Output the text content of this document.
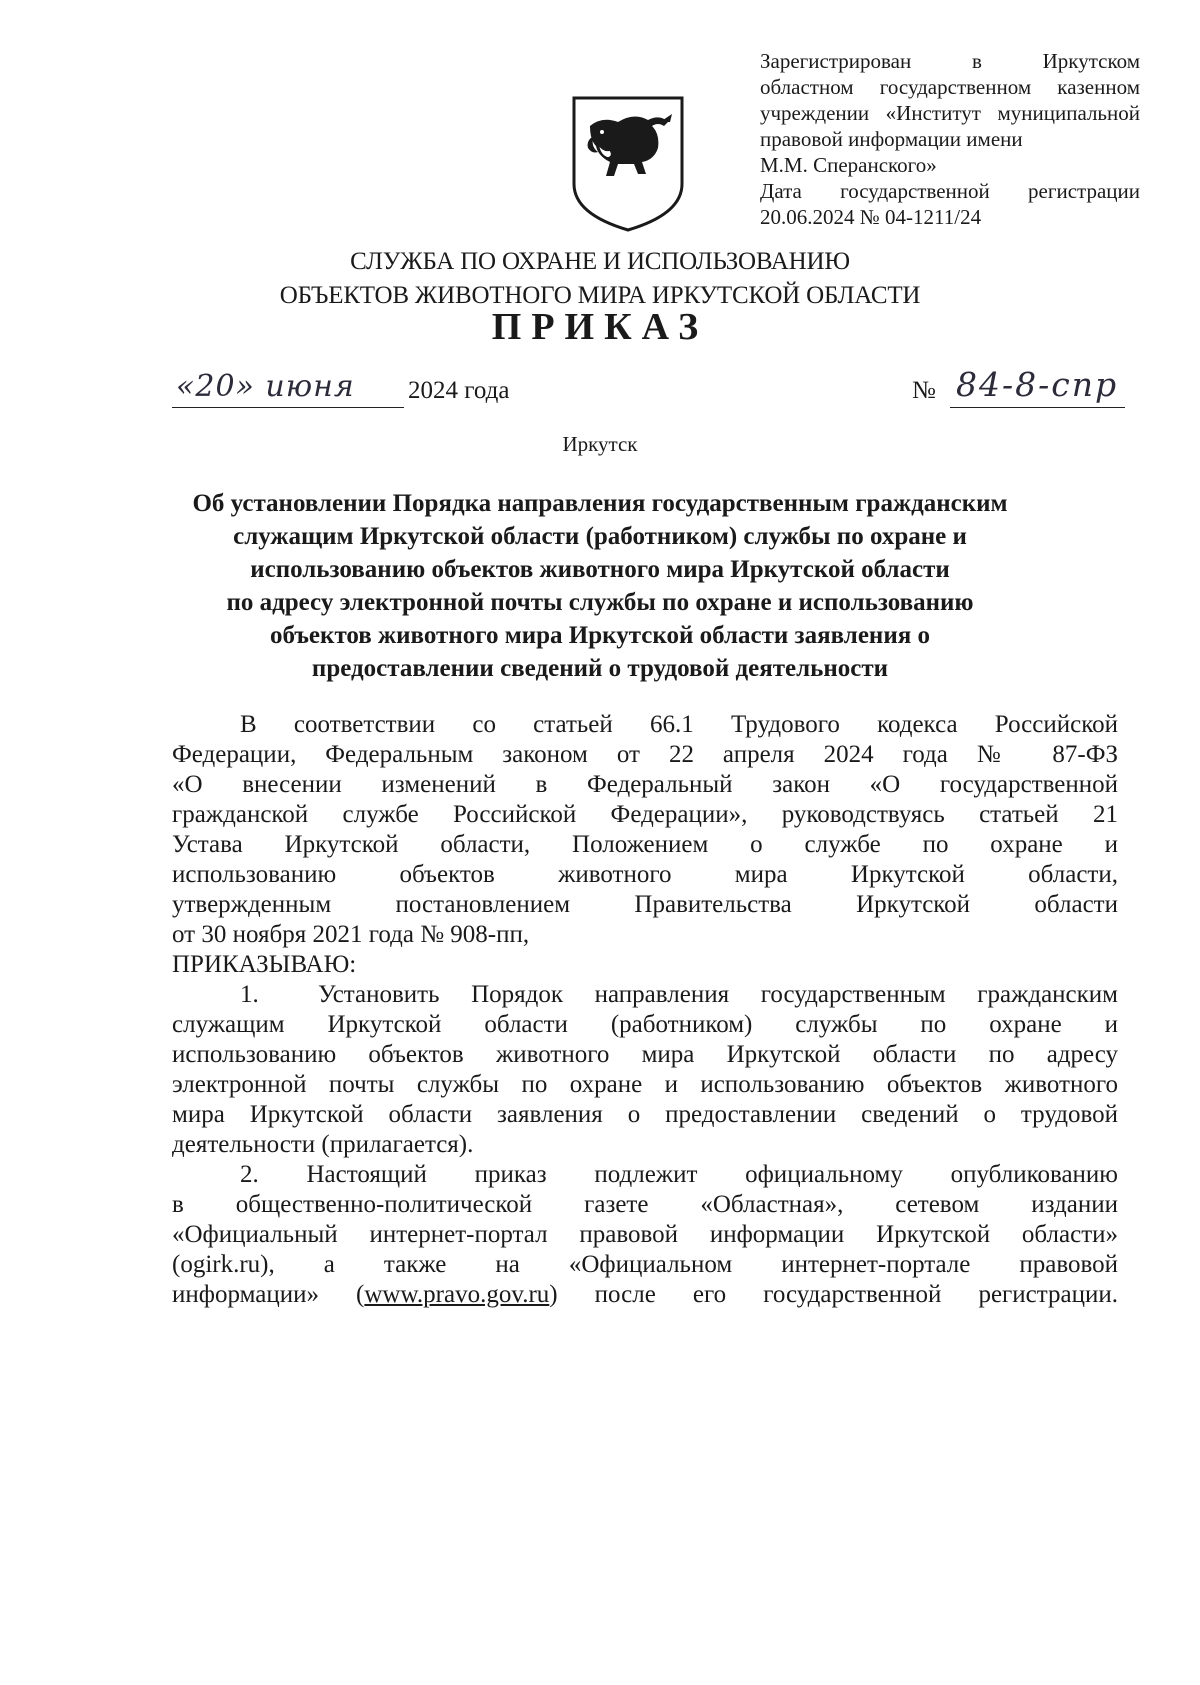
Зарегистрирован в Иркутском
областном государственном казенном
учреждении «Институт муниципальной
правовой информации имени
М.М. Сперанского»
Дата государственной регистрации
20.06.2024 № 04-1211/24
СЛУЖБА ПО ОХРАНЕ И ИСПОЛЬЗОВАНИЮ
ОБЪЕКТОВ ЖИВОТНОГО МИРА ИРКУТСКОЙ ОБЛАСТИ
ПРИКАЗ
«20» июня 2024 года	№ 84-8-спр
Иркутск
Об установлении Порядка направления государственным гражданским
служащим Иркутской области (работником) службы по охране и
использованию объектов животного мира Иркутской области
по адресу электронной почты службы по охране и использованию
объектов животного мира Иркутской области заявления о
предоставлении сведений о трудовой деятельности
В соответствии со статьей 66.1 Трудового кодекса Российской
Федерации, Федеральным законом от 22 апреля 2024 года № 87-ФЗ
«О внесении изменений в Федеральный закон «О государственной
гражданской службе Российской Федерации», руководствуясь статьей 21
Устава Иркутской области, Положением о службе по охране и
использованию объектов животного мира Иркутской области,
утвержденным постановлением Правительства Иркутской области
от 30 ноября 2021 года № 908-пп,
ПРИКАЗЫВАЮ:
1. Установить Порядок направления государственным гражданским
служащим Иркутской области (работником) службы по охране и
использованию объектов животного мира Иркутской области по адресу
электронной почты службы по охране и использованию объектов животного
мира Иркутской области заявления о предоставлении сведений о трудовой
деятельности (прилагается).
2. Настоящий приказ подлежит официальному опубликованию
в общественно-политической газете «Областная», сетевом издании
«Официальный интернет-портал правовой информации Иркутской области»
(ogirk.ru), а также на «Официальном интернет-портале правовой
информации» (www.pravo.gov.ru) после его государственной регистрации.
